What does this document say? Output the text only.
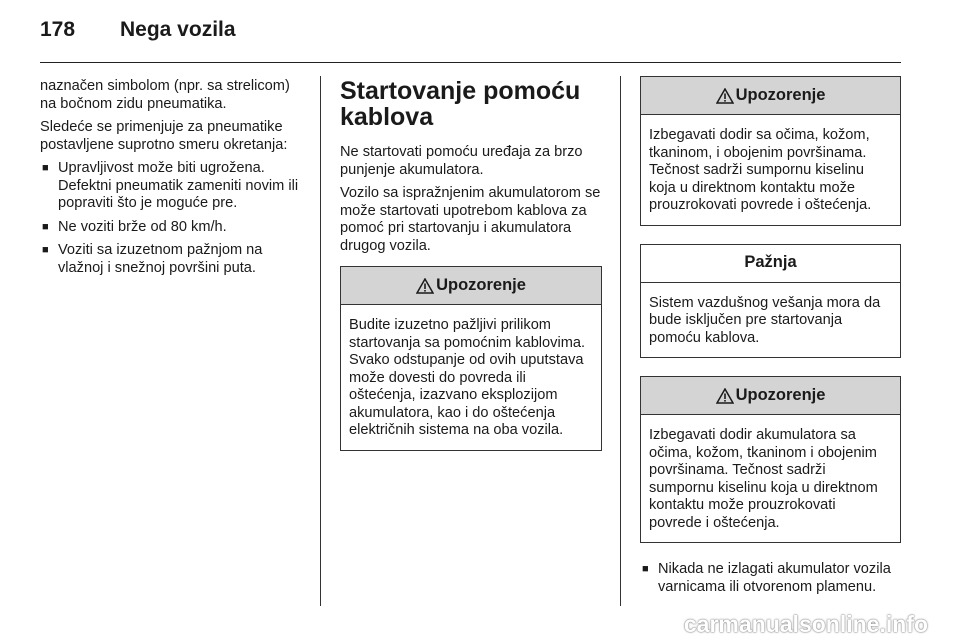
178 Nega vozila

naznačen simbolom (npr. sa strelicom) na bočnom zidu pneumatika.

Sledeće se primenjuje za pneumatike postavljene suprotno smeru okretanja:

■ Upravljivost može biti ugrožena. Defektni pneumatik zameniti novim ili popraviti što je moguće pre.
■ Ne voziti brže od 80 km/h.
■ Voziti sa izuzetnom pažnjom na vlažnoj i snežnoj površini puta.
Startovanje pomoću kablova

Ne startovati pomoću uređaja za brzo punjenje akumulatora.

Vozilo sa ispražnjenim akumulatorom se može startovati upotrebom kablova za pomoć pri startovanju i akumulatora drugog vozila.

Upozorenje

Budite izuzetno pažljivi prilikom startovanja sa pomoćnim kablovima. Svako odstupanje od ovih uputstava može dovesti do povreda ili oštećenja, izazvano eksplozijom akumulatora, kao i do oštećenja električnih sistema na oba vozila.

Upozorenje

Izbegavati dodir sa očima, kožom, tkaninom, i obojenim površinama. Tečnost sadrži sumpornu kiselinu koja u direktnom kontaktu može prouzrokovati povrede i oštećenja.

Pažnja

Sistem vazdušnog vešanja mora da bude isključen pre startovanja pomoću kablova.

Upozorenje

Izbegavati dodir akumulatora sa očima, kožom, tkaninom i obojenim površinama. Tečnost sadrži sumpornu kiselinu koja u direktnom kontaktu može prouzrokovati povrede i oštećenja.

■ Nikada ne izlagati akumulator vozila varnicama ili otvorenom plamenu.
carmanualsonline.info
